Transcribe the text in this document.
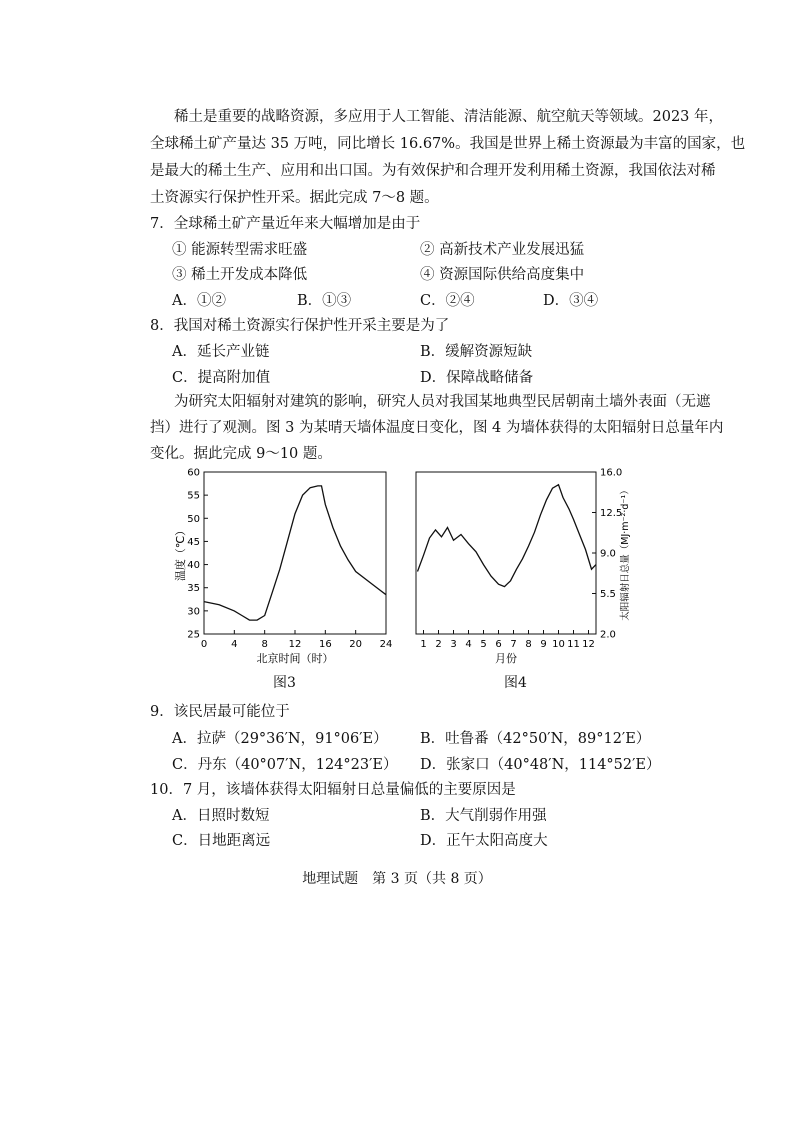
稀土是重要的战略资源，多应用于人工智能、清洁能源、航空航天等领域。2023 年，
全球稀土矿产量达 35 万吨，同比增长 16.67%。我国是世界上稀土资源最为丰富的国家，也
是最大的稀土生产、应用和出口国。为有效保护和合理开发利用稀土资源，我国依法对稀
土资源实行保护性开采。据此完成 7～8 题。
7．全球稀土矿产量近年来大幅增加是由于
① 能源转型需求旺盛	② 高新技术产业发展迅猛
③ 稀土开发成本降低	④ 资源国际供给高度集中
A．①②	B．①③	C．②④	D．③④
8．我国对稀土资源实行保护性开采主要是为了
A．延长产业链	B．缓解资源短缺
C．提高附加值	D．保障战略储备
为研究太阳辐射对建筑的影响，研究人员对我国某地典型民居朝南土墙外表面（无遮
挡）进行了观测。图 3 为某晴天墙体温度日变化，图 4 为墙体获得的太阳辐射日总量年内
变化。据此完成 9～10 题。
0 4 8 12 16 20 24
25
30
35
40
45
50
55
60
北京时间（时）
温度（℃）
图3
1 2 3 4 5 6 7 8 9 10 11 12
2.0
5.5
9.0
12.5
16.0
月份
太阳辐射日总量（MJ·m⁻²·d⁻¹）
图4
9．该民居最可能位于
A．拉萨（29°36′N，91°06′E） B．吐鲁番（42°50′N，89°12′E）
C．丹东（40°07′N，124°23′E） D．张家口（40°48′N，114°52′E）
10．7 月，该墙体获得太阳辐射日总量偏低的主要原因是
A．日照时数短	B．大气削弱作用强
C．日地距离远	D．正午太阳高度大
地理试题　第 3 页（共 8 页）
